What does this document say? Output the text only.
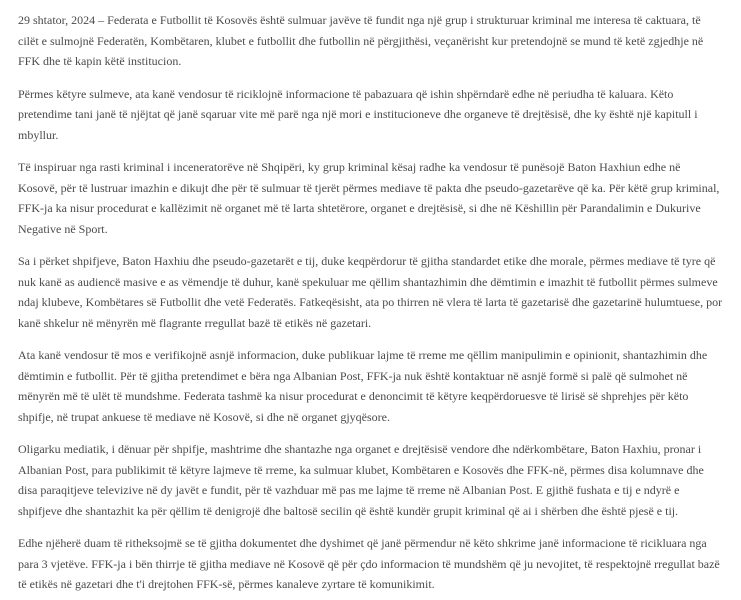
29 shtator, 2024 – Federata e Futbollit të Kosovës është sulmuar javëve të fundit nga një grup i strukturuar kriminal me interesa të caktuara, të cilët e sulmojnë Federatën, Kombëtaren, klubet e futbollit dhe futbollin në përgjithësi, veçanërisht kur pretendojnë se mund të ketë zgjedhje në FFK dhe të kapin këtë institucion.

Përmes këtyre sulmeve, ata kanë vendosur të riciklojnë informacione të pabazuara që ishin shpërndarë edhe në periudha të kaluara. Këto pretendime tani janë të njëjtat që janë sqaruar vite më parë nga një mori e institucioneve dhe organeve të drejtësisë, dhe ky është një kapitull i mbyllur.

Të inspiruar nga rasti kriminal i inceneratorëve në Shqipëri, ky grup kriminal kësaj radhe ka vendosur të punësojë Baton Haxhiun edhe në Kosovë, për të lustruar imazhin e dikujt dhe për të sulmuar të tjerët përmes mediave të pakta dhe pseudo-gazetarëve që ka. Për këtë grup kriminal, FFK-ja ka nisur procedurat e kallëzimit në organet më të larta shtetërore, organet e drejtësisë, si dhe në Këshillin për Parandalimin e Dukurive Negative në Sport.

Sa i përket shpifjeve, Baton Haxhiu dhe pseudo-gazetarët e tij, duke keqpërdorur të gjitha standardet etike dhe morale, përmes mediave të tyre që nuk kanë as audiencë masive e as vëmendje të duhur, kanë spekuluar me qëllim shantazhimin dhe dëmtimin e imazhit të futbollit përmes sulmeve ndaj klubeve, Kombëtares së Futbollit dhe vetë Federatës. Fatkeqësisht, ata po thirren në vlera të larta të gazetarisë dhe gazetarinë hulumtuese, por kanë shkelur në mënyrën më flagrante rregullat bazë të etikës në gazetari.

Ata kanë vendosur të mos e verifikojnë asnjë informacion, duke publikuar lajme të rreme me qëllim manipulimin e opinionit, shantazhimin dhe dëmtimin e futbollit. Për të gjitha pretendimet e bëra nga Albanian Post, FFK-ja nuk është kontaktuar në asnjë formë si palë që sulmohet në mënyrën më të ulët të mundshme. Federata tashmë ka nisur procedurat e denoncimit të këtyre keqpërdoruesve të lirisë së shprehjes për këto shpifje, në trupat ankuese të mediave në Kosovë, si dhe në organet gjyqësore.

Oligarku mediatik, i dënuar për shpifje, mashtrime dhe shantazhe nga organet e drejtësisë vendore dhe ndërkombëtare, Baton Haxhiu, pronar i Albanian Post, para publikimit të këtyre lajmeve të rreme, ka sulmuar klubet, Kombëtaren e Kosovës dhe FFK-në, përmes disa kolumnave dhe disa paraqitjeve televizive në dy javët e fundit, për të vazhduar më pas me lajme të rreme në Albanian Post. E gjithë fushata e tij e ndyrë e shpifjeve dhe shantazhit ka për qëllim të denigrojë dhe baltosë secilin që është kundër grupit kriminal që ai i shërben dhe është pjesë e tij.

Edhe njëherë duam të ritheksojmë se të gjitha dokumentet dhe dyshimet që janë përmendur në këto shkrime janë informacione të ricikluara nga para 3 vjetëve. FFK-ja i bën thirrje të gjitha mediave në Kosovë që për çdo informacion të mundshëm që ju nevojitet, të respektojnë rregullat bazë të etikës në gazetari dhe t'i drejtohen FFK-së, përmes kanaleve zyrtare të komunikimit.
